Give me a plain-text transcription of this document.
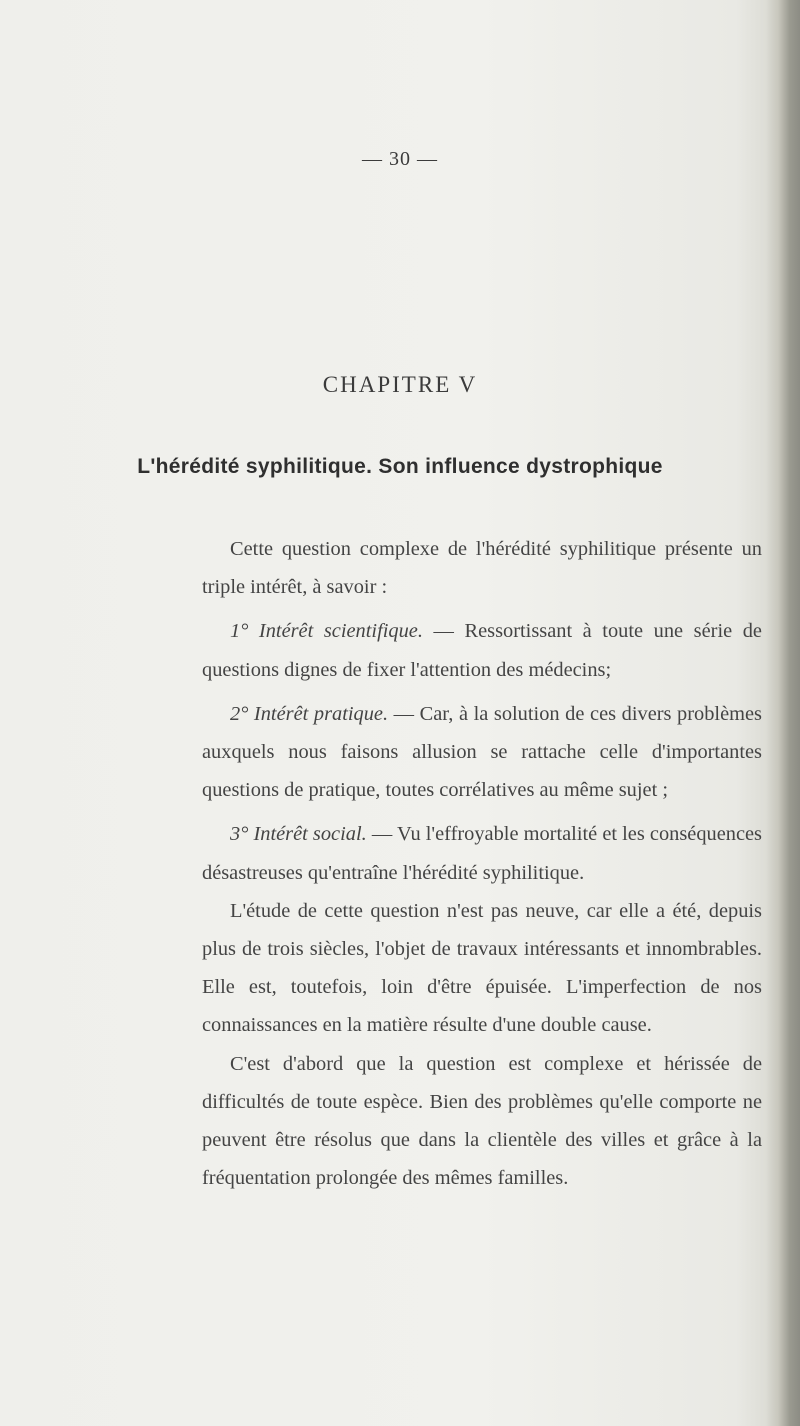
— 30 —
CHAPITRE V
L'hérédité syphilitique. Son influence dystrophique

Cette question complexe de l'hérédité syphilitique présente un triple intérêt, à savoir :

1° Intérêt scientifique. — Ressortissant à toute une série de questions dignes de fixer l'attention des médecins;

2° Intérêt pratique. — Car, à la solution de ces divers problèmes auxquels nous faisons allusion se rattache celle d'importantes questions de pratique, toutes corrélatives au même sujet ;

3° Intérêt social. — Vu l'effroyable mortalité et les conséquences désastreuses qu'entraîne l'hérédité syphilitique.

L'étude de cette question n'est pas neuve, car elle a été, depuis plus de trois siècles, l'objet de travaux intéressants et innombrables. Elle est, toutefois, loin d'être épuisée. L'imperfection de nos connaissances en la matière résulte d'une double cause.

C'est d'abord que la question est complexe et hérissée de difficultés de toute espèce. Bien des problèmes qu'elle comporte ne peuvent être résolus que dans la clientèle des villes et grâce à la fréquentation prolongée des mêmes familles.
